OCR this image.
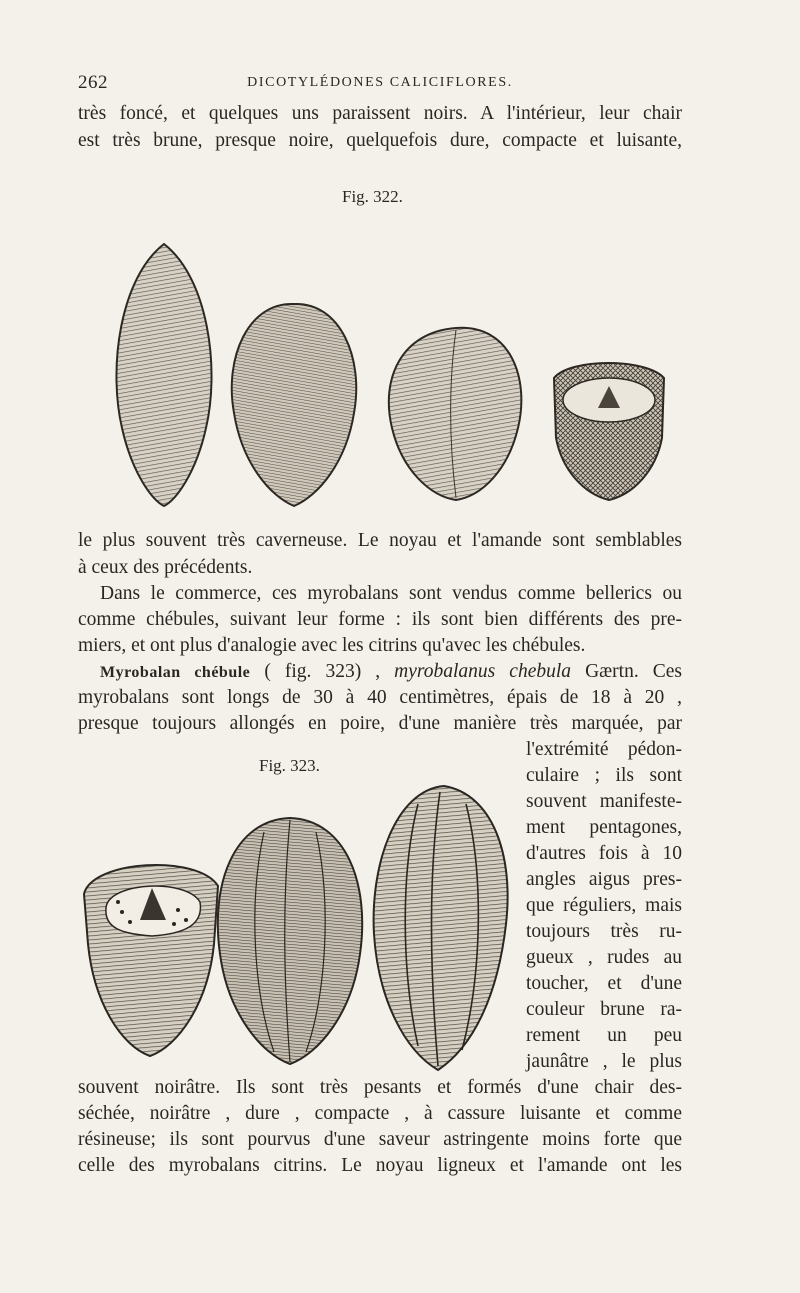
262	DICOTYLÉDONES CALICIFLORES.
très foncé, et quelques uns paraissent noirs. A l'intérieur, leur chair
est très brune, presque noire, quelquefois dure, compacte et luisante,
Fig. 322.
le plus souvent très caverneuse. Le noyau et l'amande sont semblables
à ceux des précédents.
Dans le commerce, ces myrobalans sont vendus comme bellerics ou
comme chébules, suivant leur forme : ils sont bien différents des pre-
miers, et ont plus d'analogie avec les citrins qu'avec les chébules.
Myrobalan chébule ( fig. 323) , myrobalanus chebula Gærtn. Ces
myrobalans sont longs de 30 à 40 centimètres, épais de 18 à 20 ,
presque toujours allongés en poire, d'une manière très marquée, par
Fig. 323.
l'extrémité pédon-
culaire ; ils sont
souvent manifeste-
ment pentagones,
d'autres fois à 10
angles aigus pres-
que réguliers, mais
toujours très ru-
gueux , rudes au
toucher, et d'une
couleur brune ra-
rement un peu
jaunâtre , le plus
souvent noirâtre. Ils sont très pesants et formés d'une chair des-
séchée, noirâtre , dure , compacte , à cassure luisante et comme
résineuse; ils sont pourvus d'une saveur astringente moins forte que
celle des myrobalans citrins. Le noyau ligneux et l'amande ont les
